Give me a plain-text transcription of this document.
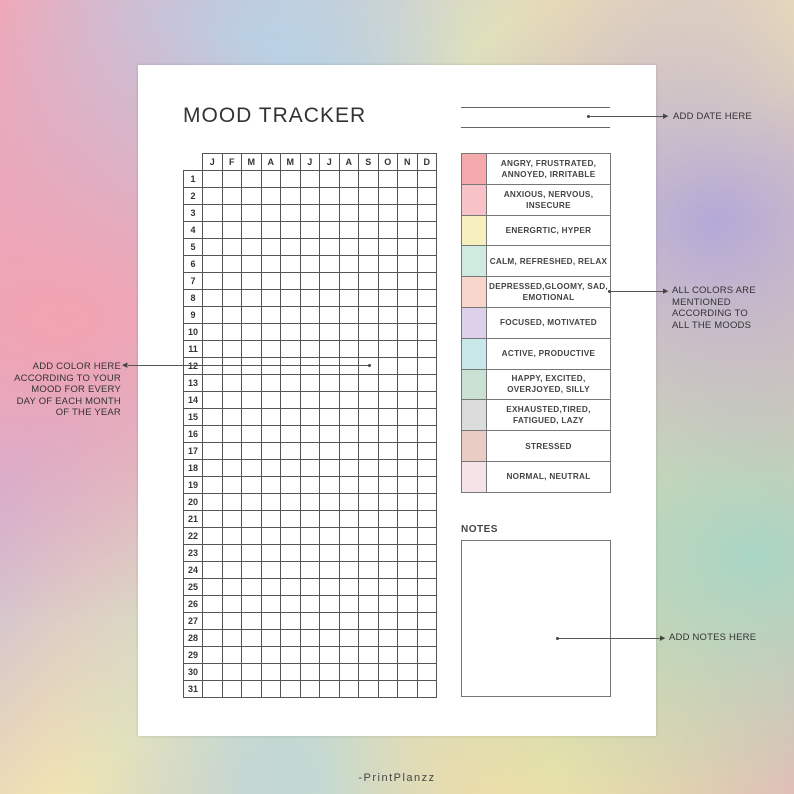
MOOD TRACKER
	J	F	M	A	M	J	J	A	S	O	N	D
1												
2												
3												
4												
5												
6												
7												
8												
9												
10												
11												
12												
13												
14												
15												
16												
17												
18												
19												
20												
21												
22												
23												
24												
25												
26												
27												
28												
29												
30												
31												
	ANGRY, FRUSTRATED, ANNOYED, IRRITABLE
	ANXIOUS, NERVOUS, INSECURE
	ENERGRTIC, HYPER
	CALM, REFRESHED, RELAX
	DEPRESSED,GLOOMY, SAD, EMOTIONAL
	FOCUSED, MOTIVATED
	ACTIVE, PRODUCTIVE
	HAPPY, EXCITED, OVERJOYED, SILLY
	EXHAUSTED,TIRED, FATIGUED, LAZY
	STRESSED
	NORMAL, NEUTRAL
NOTES
▶ ADD DATE HERE
▶ ALL COLORS ARE MENTIONED ACCORDING TO ALL THE MOODS
ADD COLOR HERE ACCORDING TO YOUR MOOD FOR EVERY DAY OF EACH MONTH OF THE YEAR
◀
▶ ADD NOTES HERE
-PrintPlanzz
